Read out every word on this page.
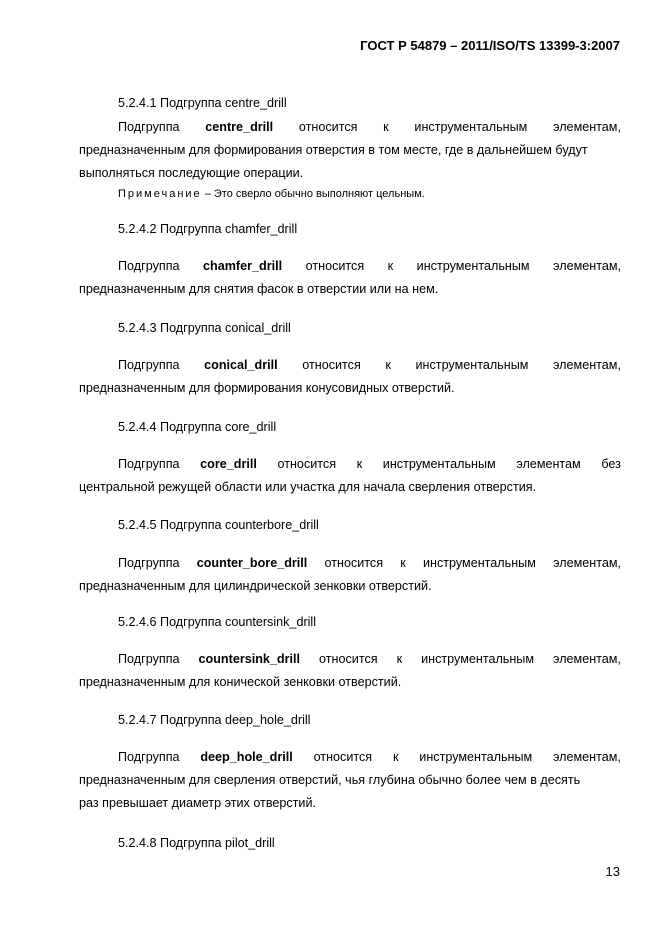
ГОСТ Р 54879 – 2011/ISO/TS 13399-3:2007
5.2.4.1 Подгруппа centre_drill
Подгруппа centre_drill относится к инструментальным элементам,
предназначенным для формирования отверстия в том месте, где в дальнейшем будут
выполняться последующие операции.
Примечание – Это сверло обычно выполняют цельным.
5.2.4.2 Подгруппа chamfer_drill
Подгруппа chamfer_drill относится к инструментальным элементам,
предназначенным для снятия фасок в отверстии или на нем.
5.2.4.3 Подгруппа conical_drill
Подгруппа conical_drill относится к инструментальным элементам,
предназначенным для формирования конусовидных отверстий.
5.2.4.4 Подгруппа core_drill
Подгруппа core_drill относится к инструментальным элементам без
центральной режущей области или участка для начала сверления отверстия.
5.2.4.5 Подгруппа counterbore_drill
Подгруппа counter_bore_drill относится к инструментальным элементам,
предназначенным для цилиндрической зенковки отверстий.
5.2.4.6 Подгруппа countersink_drill
Подгруппа countersink_drill относится к инструментальным элементам,
предназначенным для конической зенковки отверстий.
5.2.4.7 Подгруппа deep_hole_drill
Подгруппа deep_hole_drill относится к инструментальным элементам,
предназначенным для сверления отверстий, чья глубина обычно более чем в десять
раз превышает диаметр этих отверстий.
5.2.4.8 Подгруппа pilot_drill
13
